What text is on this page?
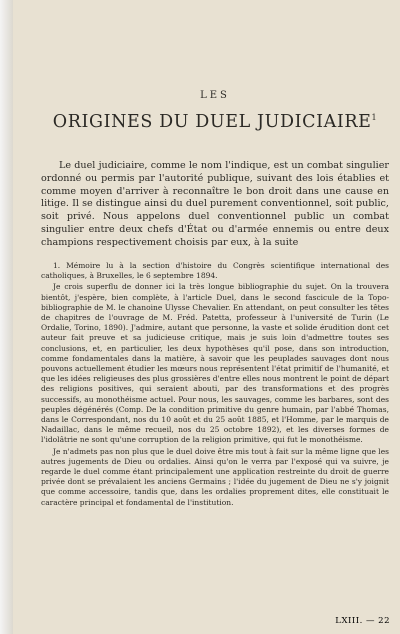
LES
ORIGINES DU DUEL JUDICIAIRE$^1$
Le duel judiciaire, comme le nom l'indique, est un combat singulier ordonné ou permis par l'autorité publique, suivant des lois établies et comme moyen d'arriver à reconnaître le bon droit dans une cause en litige. Il se distingue ainsi du duel purement conventionnel, soit public, soit privé. Nous appelons duel conventionnel public un combat singulier entre deux chefs d'État ou d'armée ennemis ou entre deux champions respectivement choisis par eux, à la suite

1. Mémoire lu à la section d'histoire du Congrès scientifique international des catholiques, à Bruxelles, le 6 septembre 1894.

Je crois superflu de donner ici la très longue bibliographie du sujet. On la trouvera bientôt, j'espère, bien complète, à l'article Duel, dans le second fascicule de la Topo-bibliographie de M. le chanoine Ulysse Chevalier. En attendant, on peut consulter les têtes de chapitres de l'ouvrage de M. Fréd. Patetta, professeur à l'université de Turin (Le Ordalie, Torino, 1890). J'admire, autant que personne, la vaste et solide érudition dont cet auteur fait preuve et sa judicieuse critique, mais je suis loin d'admettre toutes ses conclusions, et, en particulier, les deux hypothèses qu'il pose, dans son introduction, comme fondamentales dans la matière, à savoir que les peuplades sauvages dont nous pouvons actuellement étudier les mœurs nous représentent l'état primitif de l'humanité, et que les idées religieuses des plus grossières d'entre elles nous montrent le point de départ des religions positives, qui seraient abouti, par des transformations et des progrès successifs, au monothéisme actuel. Pour nous, les sauvages, comme les barbares, sont des peuples dégénérés (Comp. De la condition primitive du genre humain, par l'abbé Thomas, dans le Correspondant, nos du 10 août et du 25 août 1885, et l'Homme, par le marquis de Nadaillac, dans le même recueil, nos du 25 octobre 1892), et les diverses formes de l'idolâtrie ne sont qu'une corruption de la religion primitive, qui fut le monothéisme.

Je n'admets pas non plus que le duel doive être mis tout à fait sur la même ligne que les autres jugements de Dieu ou ordalies. Ainsi qu'on le verra par l'exposé qui va suivre, je regarde le duel comme étant principalement une application restreinte du droit de guerre privée dont se prévalaient les anciens Germains ; l'idée du jugement de Dieu ne s'y joignit que comme accessoire, tandis que, dans les ordalies proprement dites, elle constituait le caractère principal et fondamental de l'institution.

LXIII. — 22
